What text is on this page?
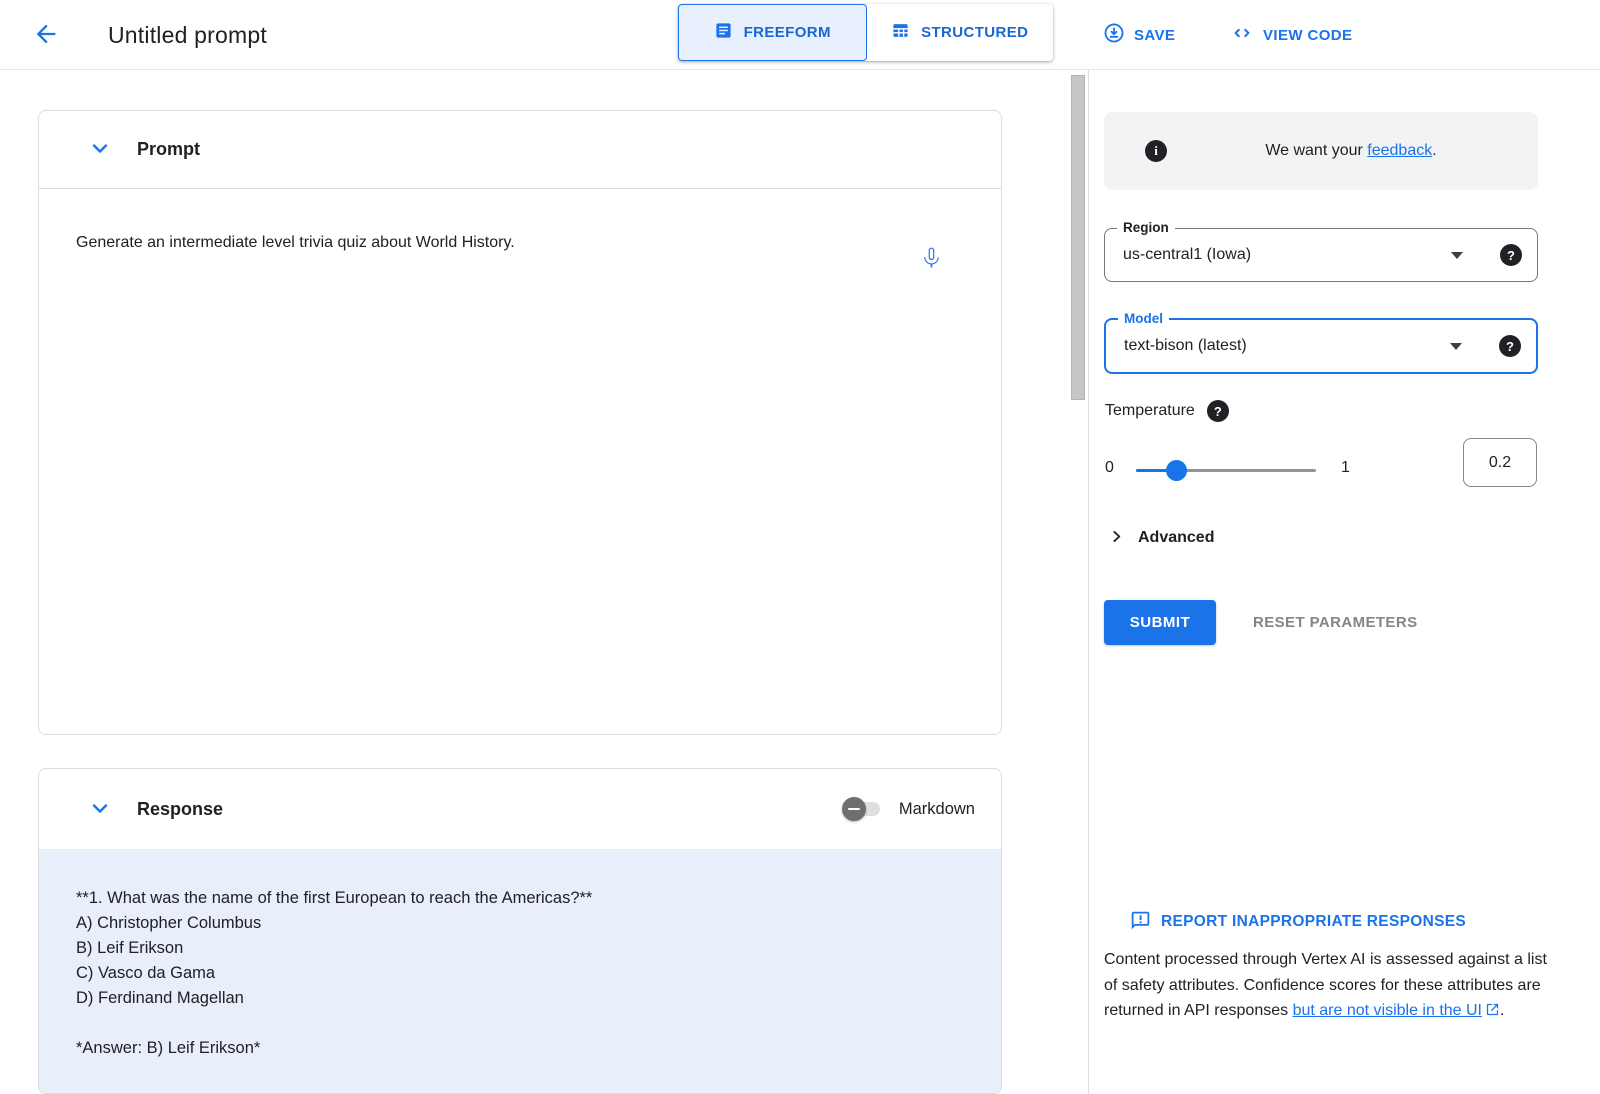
Untitled prompt	FREEFORM	STRUCTURED	SAVE	VIEW CODE
Prompt
Generate an intermediate level trivia quiz about World History.
Response	Markdown
**1. What was the name of the first European to reach the Americas?**
A) Christopher Columbus
B) Leif Erikson
C) Vasco da Gama
D) Ferdinand Magellan
*Answer: B) Leif Erikson*
i	We want your feedback.
Region
us-central1 (Iowa)	?
Model
text-bison (latest)	?
Temperature	?
0	1	0.2
Advanced
SUBMIT	RESET PARAMETERS
REPORT INAPPROPRIATE RESPONSES
Content processed through Vertex AI is assessed against a list of safety attributes. Confidence scores for these attributes are returned in API responses but are not visible in the UI .
